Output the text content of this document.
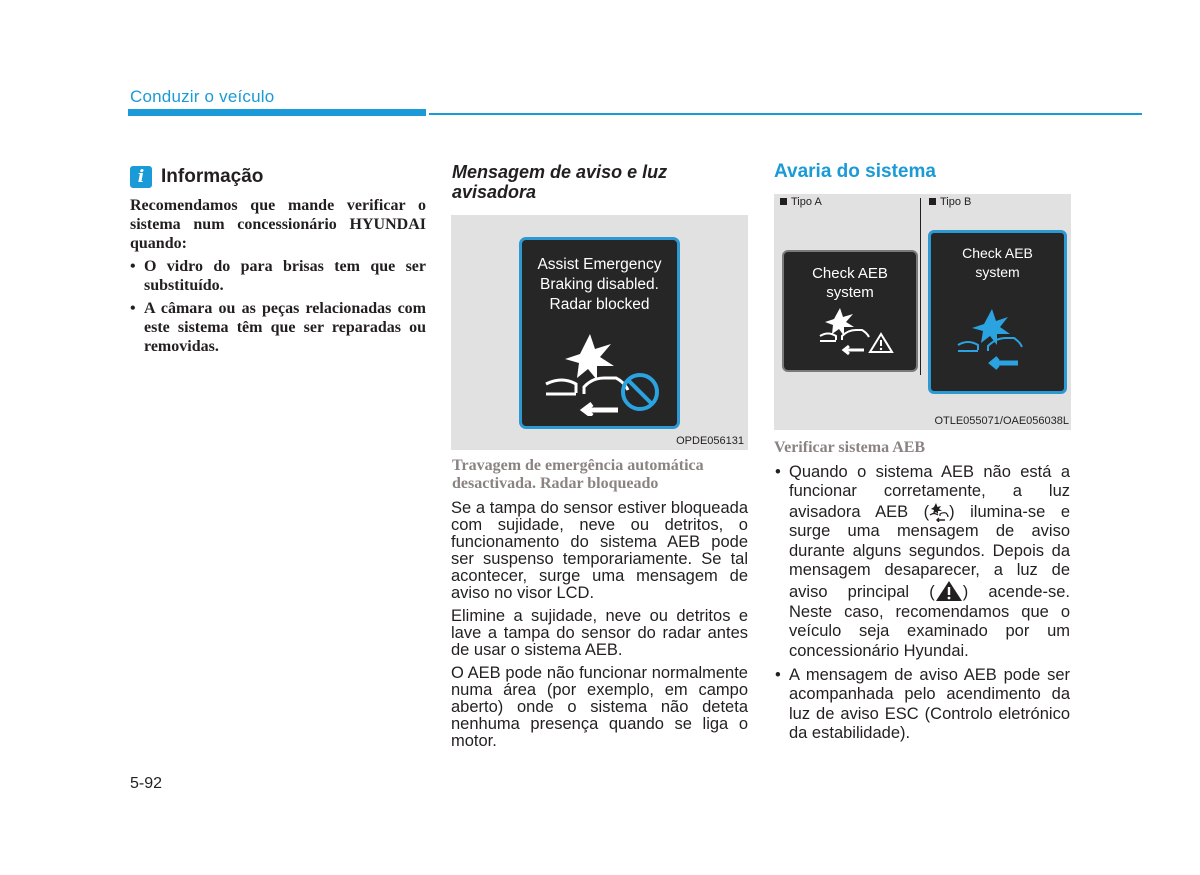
Conduzir o veículo
i Informação

Recomendamos que mande verificar o sistema num concessionário HYUNDAI quando:

• O vidro do para brisas tem que ser substituído.
• A câmara ou as peças relacionadas com este sistema têm que ser reparadas ou removidas.
Mensagem de aviso e luz avisadora
Assist Emergency
Braking disabled.
Radar blocked
OPDE056131
Travagem de emergência automática desactivada. Radar bloqueado

Se a tampa do sensor estiver bloqueada com sujidade, neve ou detritos, o funcionamento do sistema AEB pode ser suspenso temporariamente. Se tal acontecer, surge uma mensagem de aviso no visor LCD.

Elimine a sujidade, neve ou detritos e lave a tampa do sensor do radar antes de usar o sistema AEB.

O AEB pode não funcionar normalmente numa área (por exemplo, em campo aberto) onde o sistema não deteta nenhuma presença quando se liga o motor.

Avaria do sistema
Tipo A	Tipo B
Check AEB
system
Check AEB
system
OTLE055071/OAE056038L
Verificar sistema AEB
• Quando o sistema AEB não está a funcionar corretamente, a luz avisadora AEB ( ) ilumina-se e surge uma mensagem de aviso durante alguns segundos. Depois da mensagem desaparecer, a luz de aviso principal ( ) acende-se. Neste caso, recomendamos que o veículo seja examinado por um concessionário Hyundai.
• A mensagem de aviso AEB pode ser acompanhada pelo acendimento da luz de aviso ESC (Controlo eletrónico da estabilidade).
5-92
